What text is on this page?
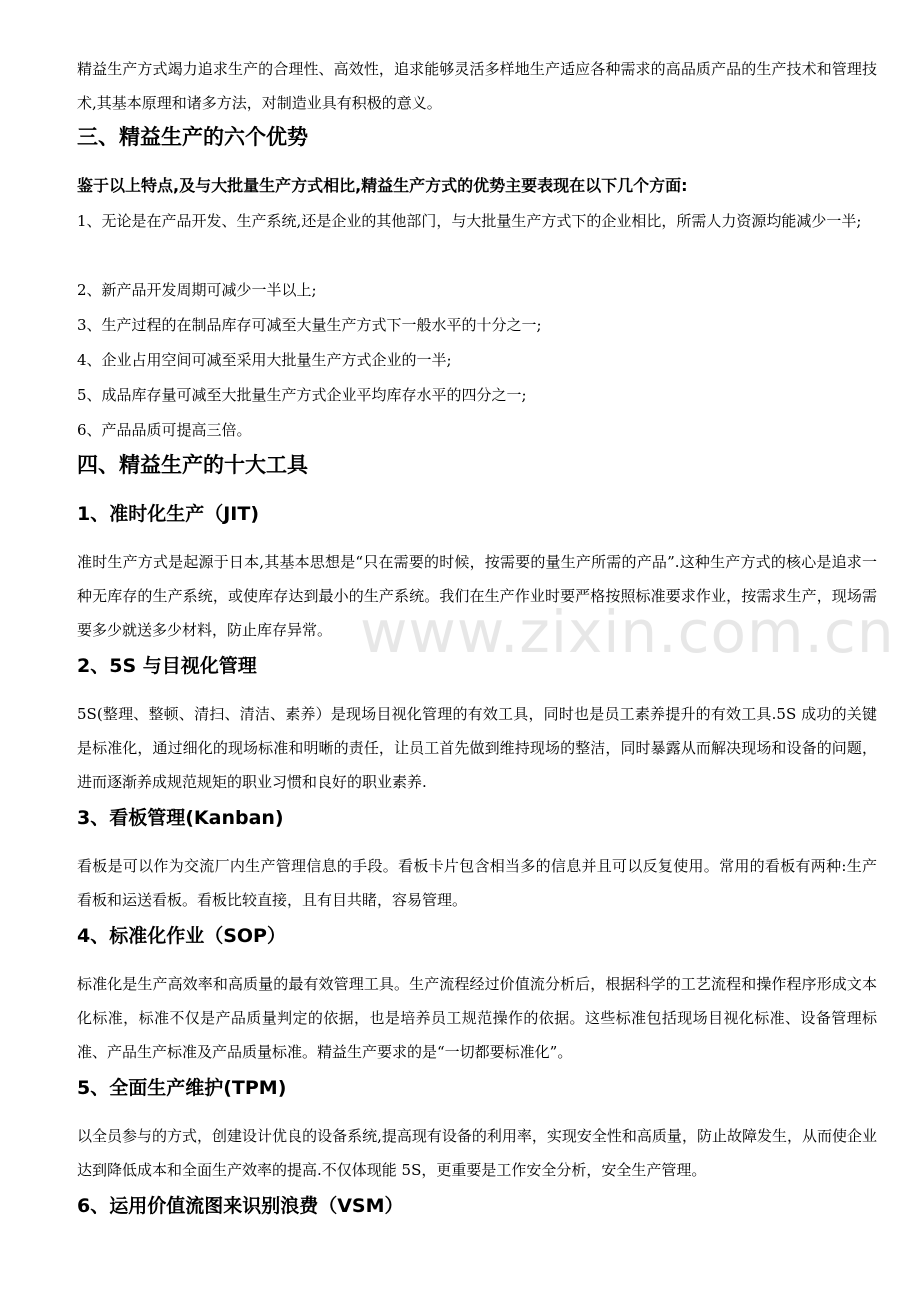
精益生产方式竭力追求生产的合理性、高效性，追求能够灵活多样地生产适应各种需求的高品质产品的生产技术和管理技术,其基本原理和诸多方法，对制造业具有积极的意义。

三、精益生产的六个优势

鉴于以上特点,及与大批量生产方式相比,精益生产方式的优势主要表现在以下几个方面:

1、无论是在产品开发、生产系统,还是企业的其他部门，与大批量生产方式下的企业相比，所需人力资源均能减少一半;

2、新产品开发周期可减少一半以上;

3、生产过程的在制品库存可减至大量生产方式下一般水平的十分之一;

4、企业占用空间可减至采用大批量生产方式企业的一半;

5、成品库存量可减至大批量生产方式企业平均库存水平的四分之一;

6、产品品质可提高三倍。

四、精益生产的十大工具
1、准时化生产（JIT)

准时生产方式是起源于日本,其基本思想是“只在需要的时候，按需要的量生产所需的产品”.这种生产方式的核心是追求一种无库存的生产系统，或使库存达到最小的生产系统。我们在生产作业时要严格按照标准要求作业，按需求生产，现场需要多少就送多少材料，防止库存异常。

2、5S 与目视化管理

5S(整理、整顿、清扫、清洁、素养）是现场目视化管理的有效工具，同时也是员工素养提升的有效工具.5S 成功的关键是标准化，通过细化的现场标准和明晰的责任，让员工首先做到维持现场的整洁，同时暴露从而解决现场和设备的问题，进而逐渐养成规范规矩的职业习惯和良好的职业素养.

3、看板管理(Kanban)

看板是可以作为交流厂内生产管理信息的手段。看板卡片包含相当多的信息并且可以反复使用。常用的看板有两种:生产看板和运送看板。看板比较直接，且有目共睹，容易管理。

4、标准化作业（SOP）

标准化是生产高效率和高质量的最有效管理工具。生产流程经过价值流分析后，根据科学的工艺流程和操作程序形成文本化标准，标准不仅是产品质量判定的依据，也是培养员工规范操作的依据。这些标准包括现场目视化标准、设备管理标准、产品生产标准及产品质量标准。精益生产要求的是“一切都要标准化”。

5、全面生产维护(TPM)

以全员参与的方式，创建设计优良的设备系统,提高现有设备的利用率，实现安全性和高质量，防止故障发生，从而使企业达到降低成本和全面生产效率的提高.不仅体现能 5S，更重要是工作安全分析，安全生产管理。

6、运用价值流图来识别浪费（VSM）
www.zixin.com.cn
